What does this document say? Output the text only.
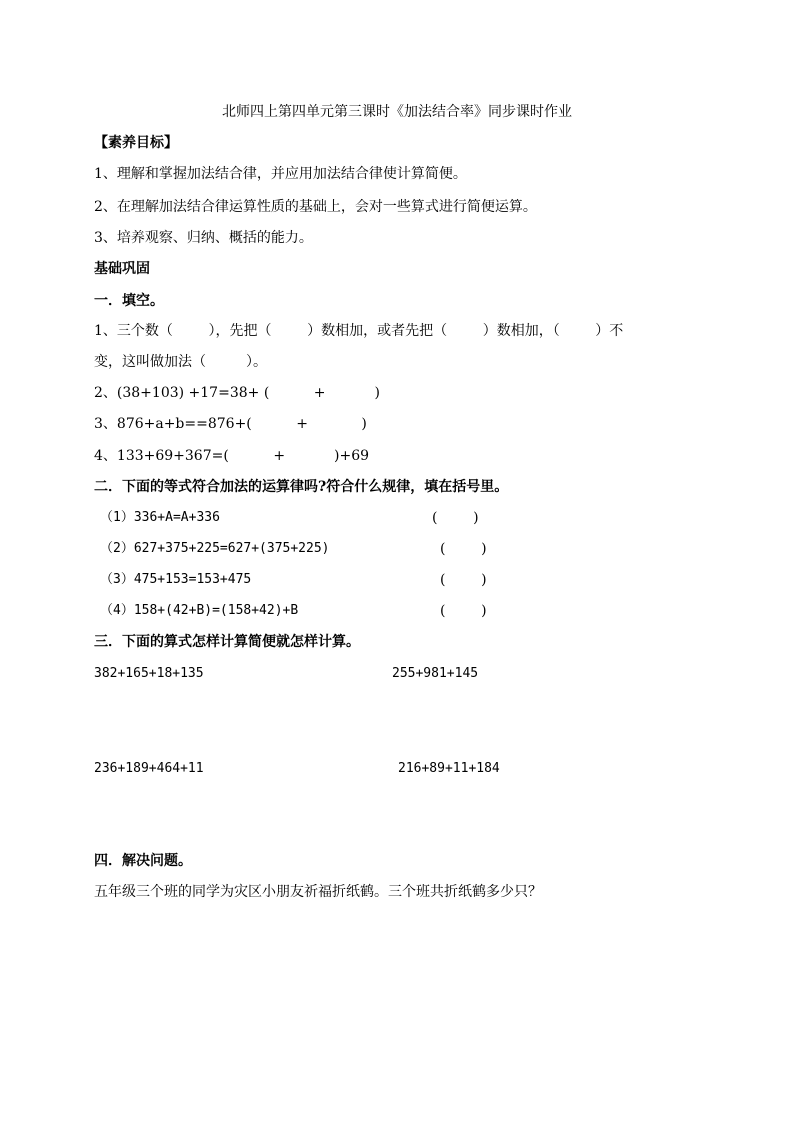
北师四上第四单元第三课时《加法结合率》同步课时作业
【素养目标】
1、理解和掌握加法结合律，并应用加法结合律使计算简便。
2、在理解加法结合律运算性质的基础上，会对一些算式进行简便运算。
3、培养观察、归纳、概括的能力。
基础巩固
一．填空。
1、三个数（        ），先把（        ）数相加，或者先把（        ）数相加，（        ）不
变，这叫做加法（         ）。
2、(38+103) +17=38+ (          +           )
3、876+a+b==876+(          +            )
4、133+69+367=(          +           )+69
二．下面的等式符合加法的运算律吗?符合什么规律，填在括号里。
（1）336+A=A+336	(        )
（2）627+375+225=627+(375+225)	(        )
（3）475+153=153+475	(        )
（4）158+(42+B)=(158+42)+B	(        )
三．下面的算式怎样计算简便就怎样计算。
382+165+18+135	255+981+145
236+189+464+11	216+89+11+184
四．解决问题。
五年级三个班的同学为灾区小朋友祈福折纸鹤。三个班共折纸鹤多少只？
